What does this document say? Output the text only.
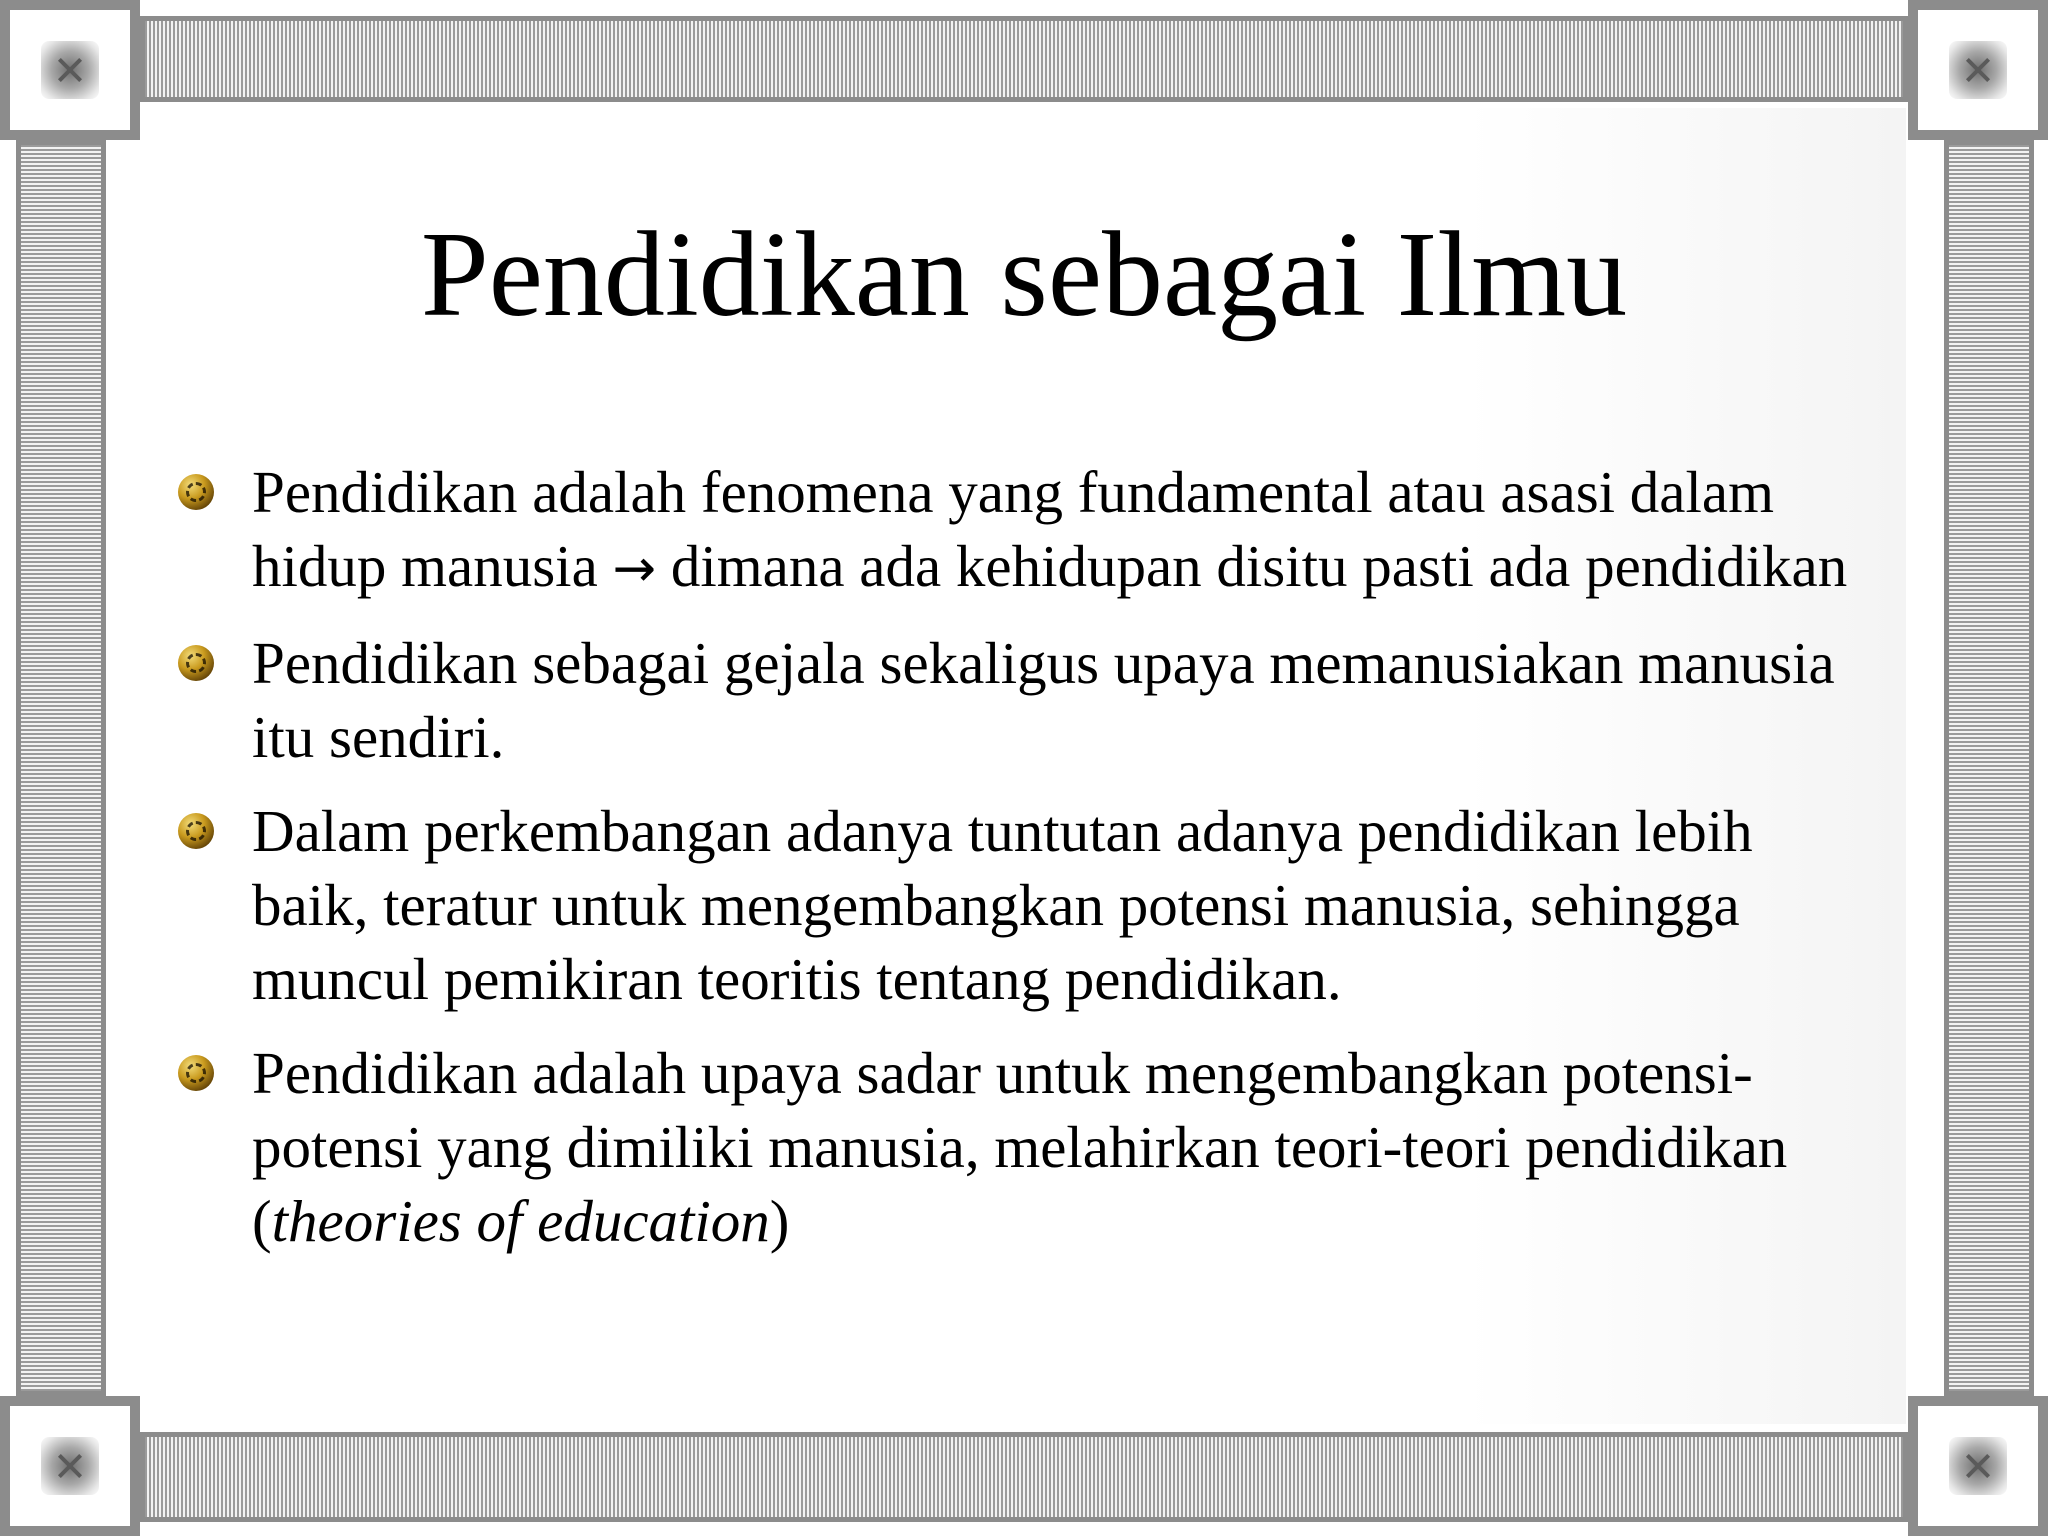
Pendidikan sebagai Ilmu
Pendidikan adalah fenomena yang fundamental atau asasi dalam hidup manusia → dimana ada kehidupan disitu pasti ada pendidikan
Pendidikan sebagai gejala sekaligus upaya memanusiakan manusia itu sendiri.
Dalam perkembangan adanya tuntutan adanya pendidikan lebih baik, teratur untuk mengembangkan potensi manusia, sehingga muncul pemikiran teoritis tentang pendidikan.
Pendidikan adalah upaya sadar untuk mengembangkan potensi-potensi yang dimiliki manusia, melahirkan teori-teori pendidikan (theories of education)
